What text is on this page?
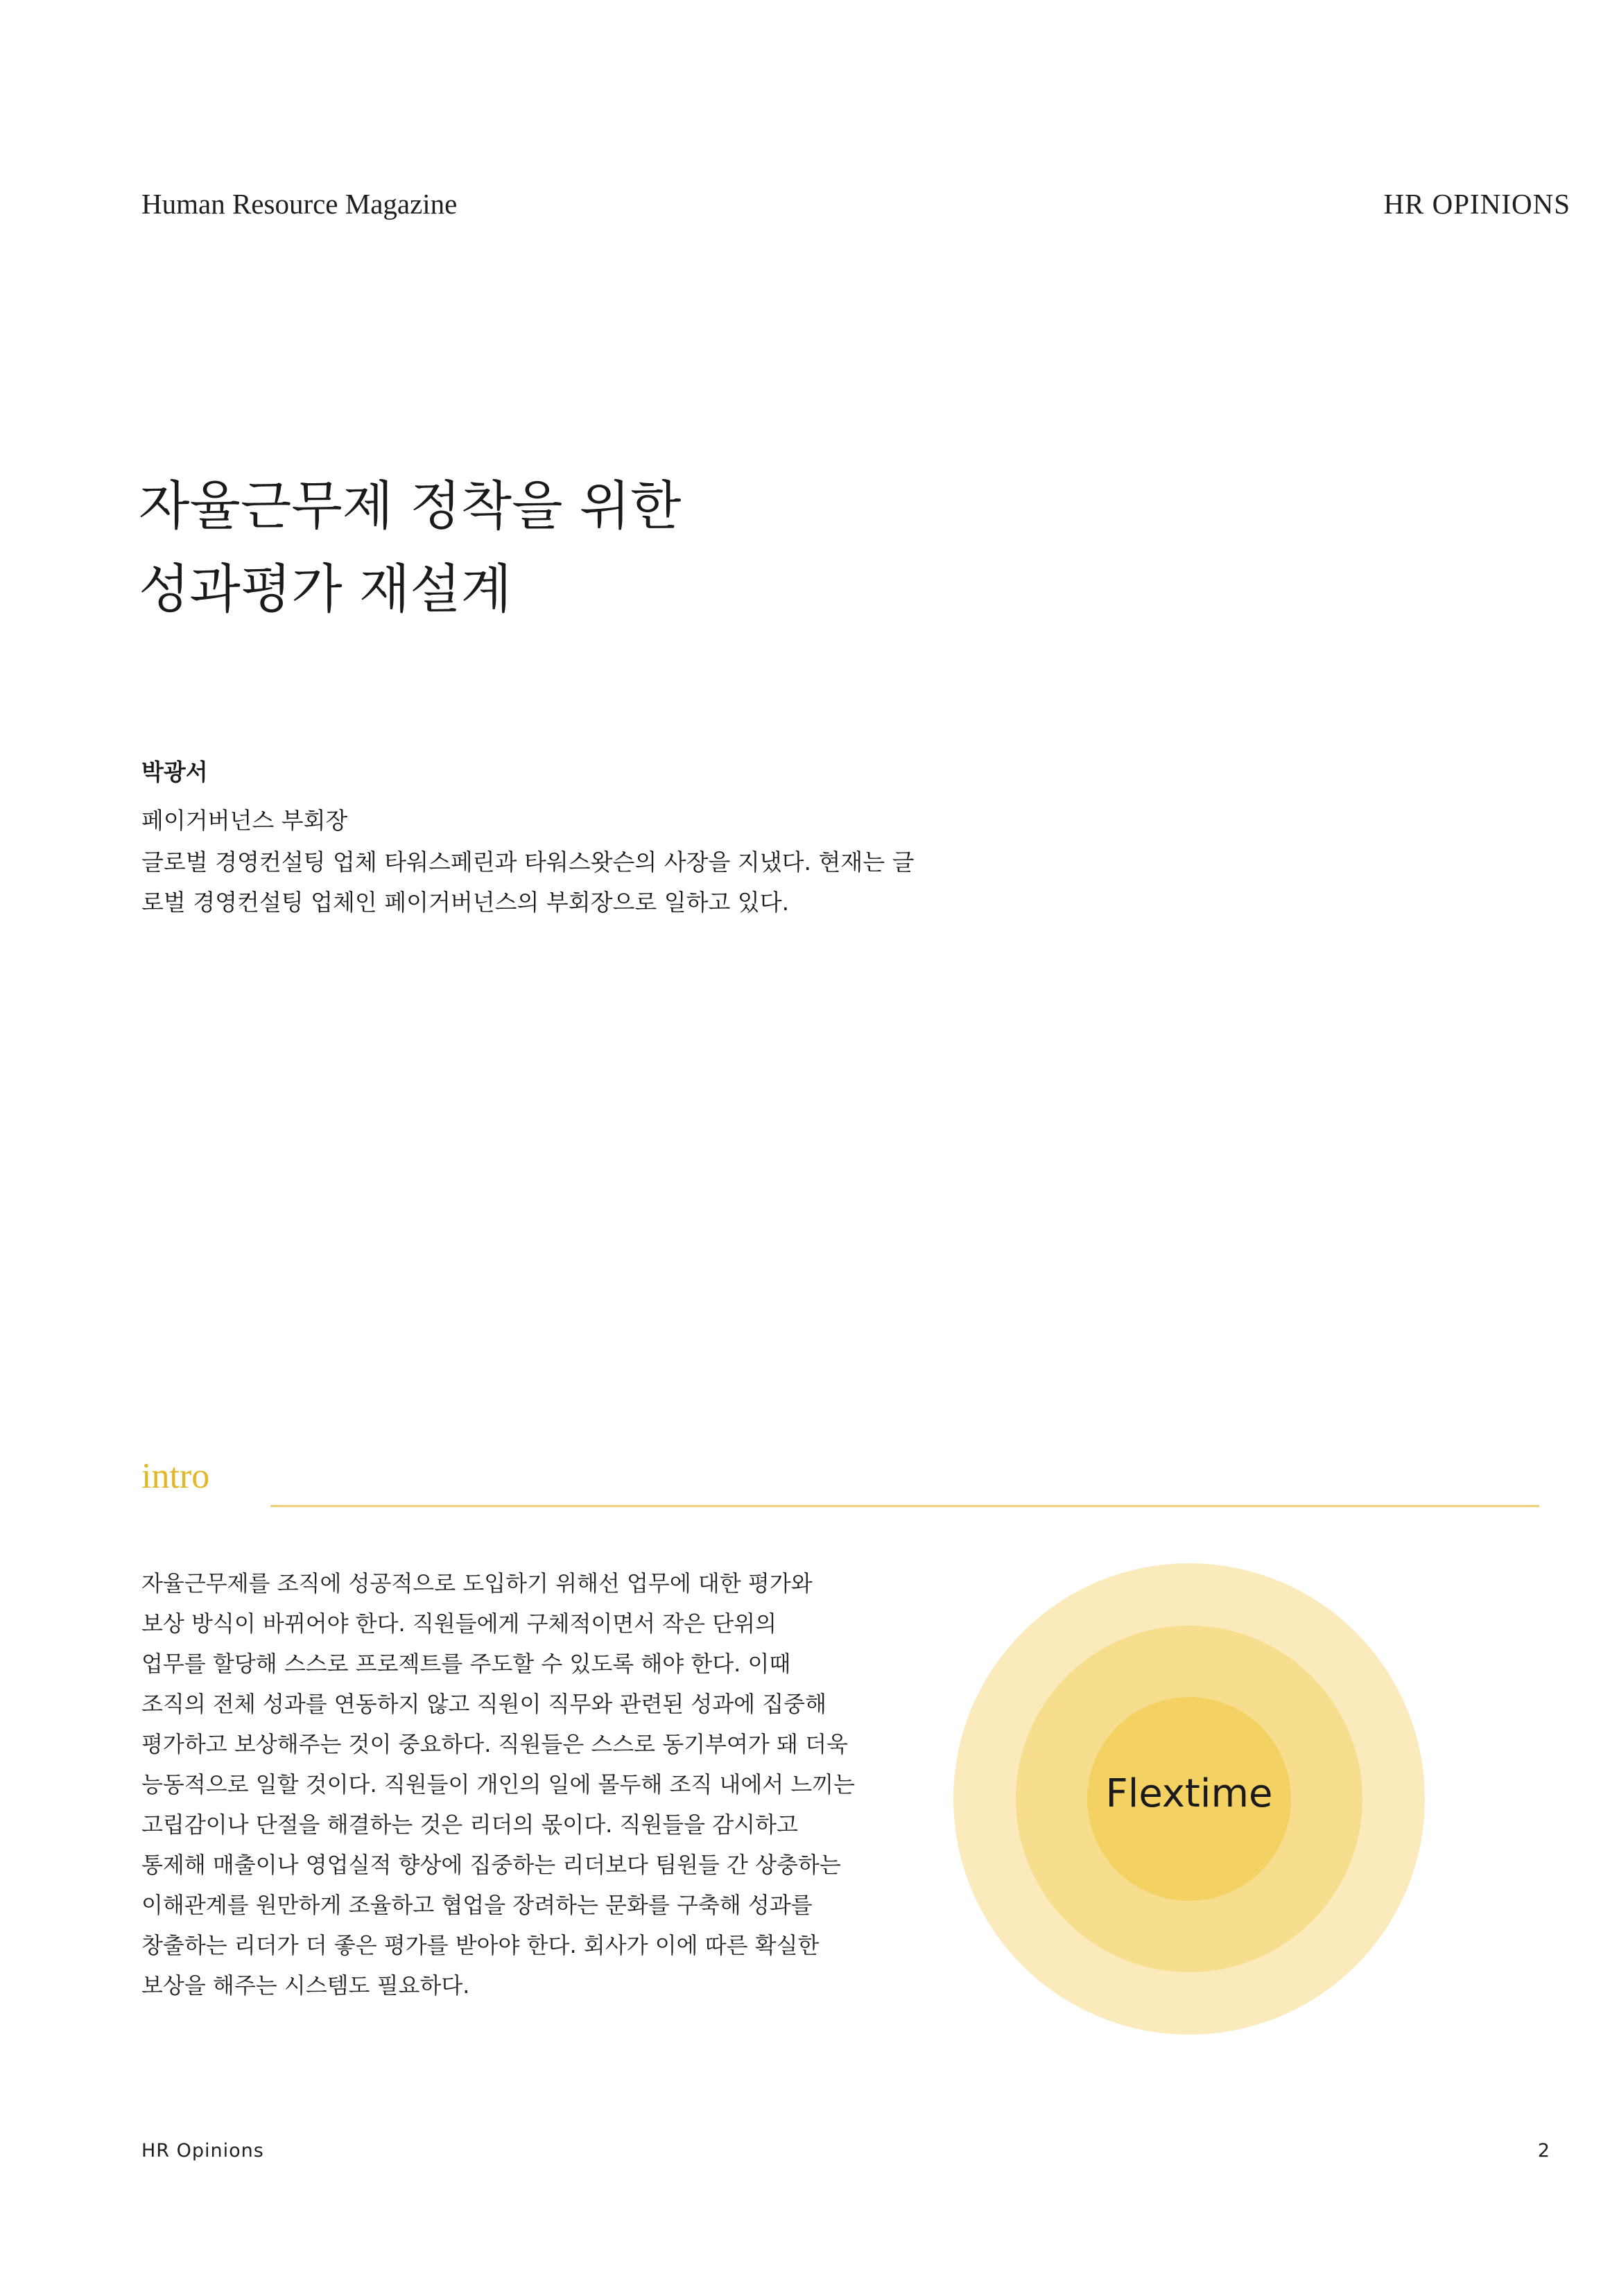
Human Resource Magazine	HR OPINIONS
자율근무제 정착을 위한
성과평가 재설계
박광서
페이거버넌스 부회장
글로벌 경영컨설팅 업체 타워스페린과 타워스왓슨의 사장을 지냈다. 현재는 글
로벌 경영컨설팅 업체인 페이거버넌스의 부회장으로 일하고 있다.
intro
자율근무제를 조직에 성공적으로 도입하기 위해선 업무에 대한 평가와
보상 방식이 바뀌어야 한다. 직원들에게 구체적이면서 작은 단위의
업무를 할당해 스스로 프로젝트를 주도할 수 있도록 해야 한다. 이때
조직의 전체 성과를 연동하지 않고 직원이 직무와 관련된 성과에 집중해
평가하고 보상해주는 것이 중요하다. 직원들은 스스로 동기부여가 돼 더욱
능동적으로 일할 것이다. 직원들이 개인의 일에 몰두해 조직 내에서 느끼는
고립감이나 단절을 해결하는 것은 리더의 몫이다. 직원들을 감시하고
통제해 매출이나 영업실적 향상에 집중하는 리더보다 팀원들 간 상충하는
이해관계를 원만하게 조율하고 협업을 장려하는 문화를 구축해 성과를
창출하는 리더가 더 좋은 평가를 받아야 한다. 회사가 이에 따른 확실한
보상을 해주는 시스템도 필요하다.
Flextime
HR Opinions	2
